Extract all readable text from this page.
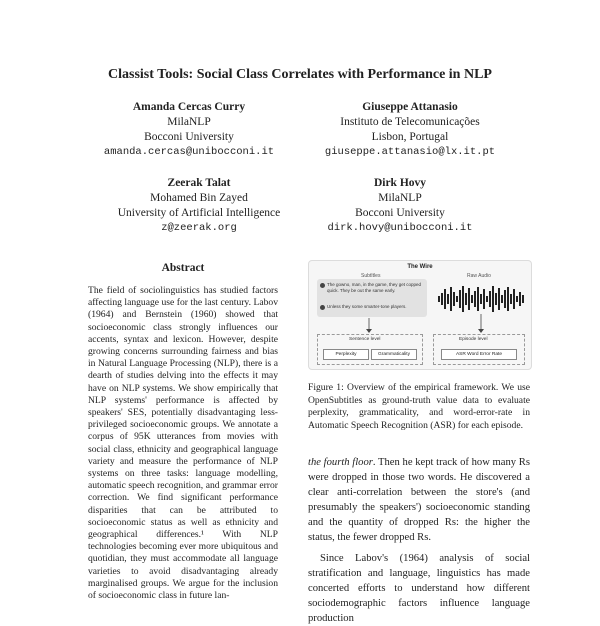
Classist Tools: Social Class Correlates with Performance in NLP
Amanda Cercas Curry
MilaNLP
Bocconi University
amanda.cercas@unibocconi.it
Giuseppe Attanasio
Instituto de Telecomunicações
Lisbon, Portugal
giuseppe.attanasio@lx.it.pt
Zeerak Talat
Mohamed Bin Zayed
University of Artificial Intelligence
z@zeerak.org
Dirk Hovy
MilaNLP
Bocconi University
dirk.hovy@unibocconi.it
Abstract
The field of sociolinguistics has studied factors affecting language use for the last century. Labov (1964) and Bernstein (1960) showed that socioeconomic class strongly influences our accents, syntax and lexicon. However, despite growing concerns surrounding fairness and bias in Natural Language Processing (NLP), there is a dearth of studies delving into the effects it may have on NLP systems. We show empirically that NLP systems' performance is affected by speakers' SES, potentially disadvantaging less-privileged socioeconomic groups. We annotate a corpus of 95K utterances from movies with social class, ethnicity and geographical language variety and measure the performance of NLP systems on three tasks: language modelling, automatic speech recognition, and grammar error correction. We find significant performance disparities that can be attributed to socioeconomic status as well as ethnicity and geographical differences.¹ With NLP technologies becoming ever more ubiquitous and quotidian, they must accommodate all language varieties to avoid disadvantaging already marginalised groups. We argue for the inclusion of socioeconomic class in future lan-
The Wire
SubtItles	Raw Audio
The gowno, man, in the game, they get copped quick. They be out the same early.
Unless they some smarter-tone players.
Sentence level	Episode level
Perplexity	Grammaticality	ASR Word Error Rate
Figure 1: Overview of the empirical framework. We use OpenSubtitles as ground-truth value data to evaluate perplexity, grammaticality, and word-error-rate in Automatic Speech Recognition (ASR) for each episode.

the fourth floor. Then he kept track of how many Rs were dropped in those two words. He discovered a clear anti-correlation between the store's (and presumably the speakers') socioeconomic standing and the quantity of dropped Rs: the higher the status, the fewer dropped Rs.

Since Labov's (1964) analysis of social stratification and language, linguistics has made concerted efforts to understand how different sociodemographic factors influence language production
